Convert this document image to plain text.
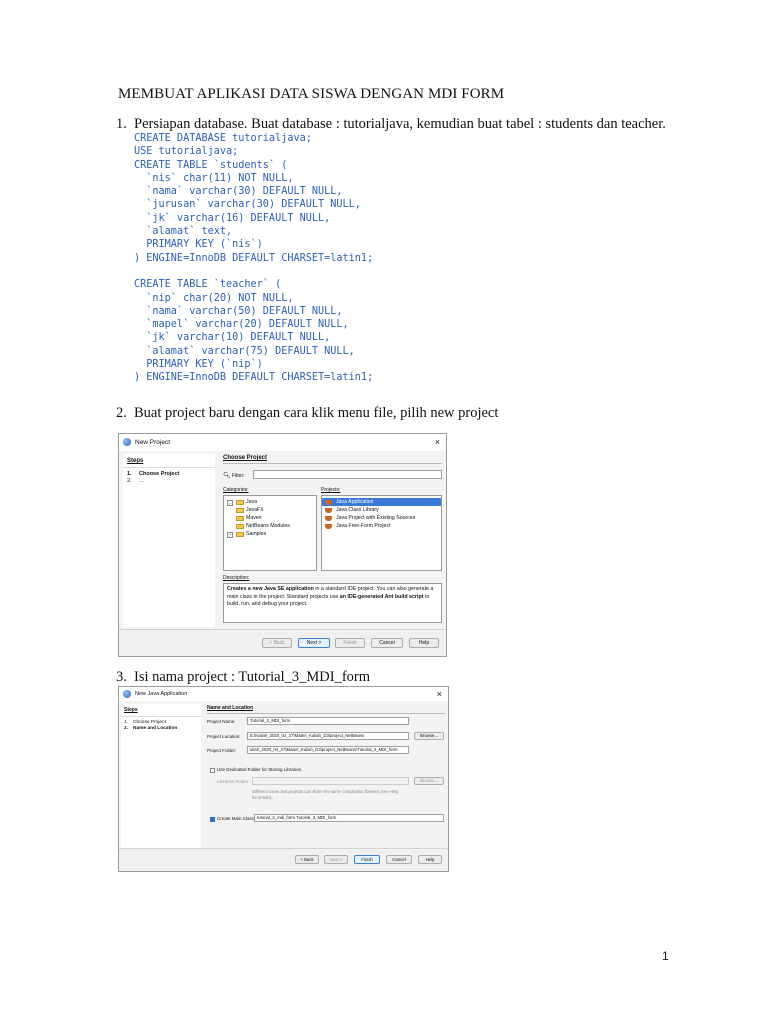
MEMBUAT APLIKASI DATA SISWA DENGAN MDI FORM
1. Persiapan database. Buat database : tutorialjava, kemudian buat tabel : students dan teacher.
CREATE DATABASE tutorialjava;
USE tutorialjava;
CREATE TABLE `students` (
`nis` char(11) NOT NULL,
`nama` varchar(30) DEFAULT NULL,
`jurusan` varchar(30) DEFAULT NULL,
`jk` varchar(16) DEFAULT NULL,
`alamat` text,
PRIMARY KEY (`nis`)
) ENGINE=InnoDB DEFAULT CHARSET=latin1;

CREATE TABLE `teacher` (
`nip` char(20) NOT NULL,
`nama` varchar(50) DEFAULT NULL,
`mapel` varchar(20) DEFAULT NULL,
`jk` varchar(10) DEFAULT NULL,
`alamat` varchar(75) DEFAULT NULL,
PRIMARY KEY (`nip`)
) ENGINE=InnoDB DEFAULT CHARSET=latin1;

2. Buat project baru dengan cara klik menu file, pilih new project
New Project	×
Steps
1. Choose Project
2. ...
Choose Project
🔍︎ Filter:
Categories:	Projects:
–	Java
JavaFX
Maven
NetBeans Modules
+	Samples
Java Application
Java Class Library
Java Project with Existing Sources
Java Free-Form Project
Description:
Creates a new Java SE application in a standard IDE project. You can also generate a main class in the project. Standard projects use an IDE-generated Ant build script to build, run, and debug your project.
< Back	Next >	Finish	Cancel	Help
3. Isi nama project : Tutorial_3_MDI_form
New Java Application	×
Steps
1. Choose Project
2. Name and Location
Name and Location
Project Name:	Tutorial_3_MDI_form
Project Location:	E:\Kuliah_2020_04_27\Materi_Kuliah_D3\project_NetBeans	Browse...
Project Folder:	uliah_2020_04_27\Materi_Kuliah_D3\project_NetBeans\Tutorial_3_MDI_form
Use Dedicated Folder for Storing Libraries
Libraries Folder:	Browse...
Different users and projects can share the same compilation libraries (see Help for details).
Create Main Class tutorial_3_mdi_form.Tutorial_3_MDI_form
< Back	Next >	Finish	Cancel	Help
1
